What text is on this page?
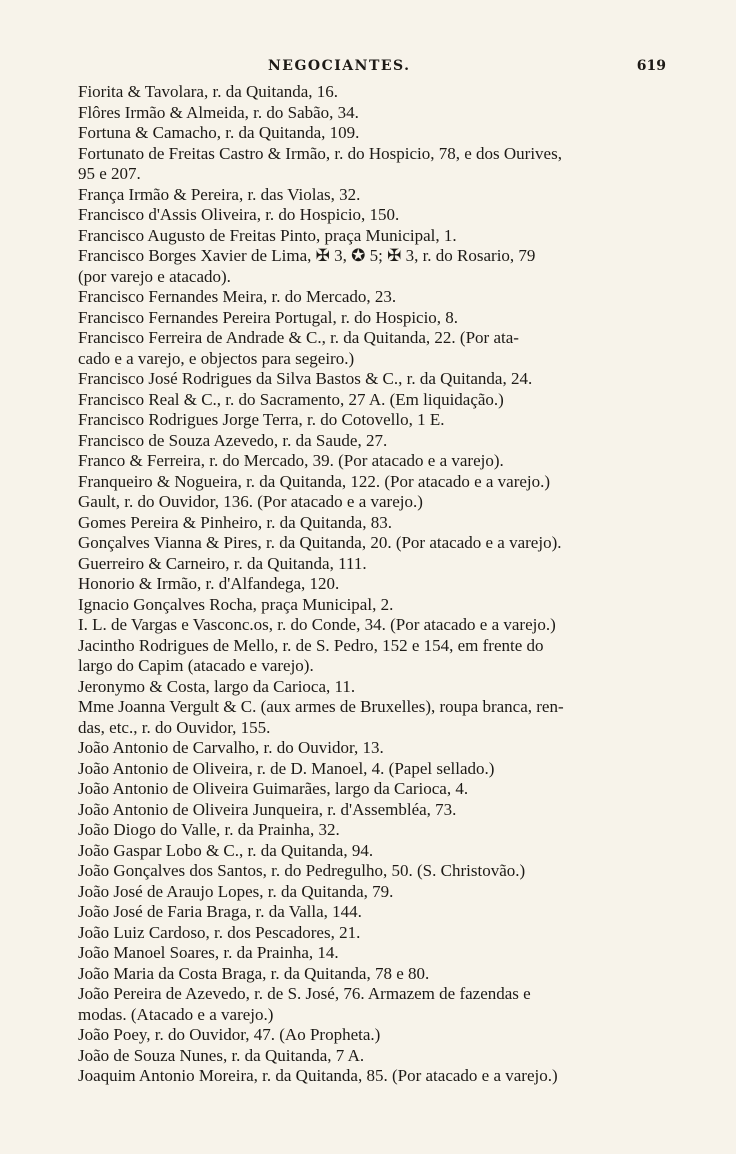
NEGOCIANTES.	619
Fiorita & Tavolara, r. da Quitanda, 16.
Flôres Irmão & Almeida, r. do Sabão, 34.
Fortuna & Camacho, r. da Quitanda, 109.
Fortunato de Freitas Castro & Irmão, r. do Hospicio, 78, e dos Ourives,
95 e 207.
França Irmão & Pereira, r. das Violas, 32.
Francisco d'Assis Oliveira, r. do Hospicio, 150.
Francisco Augusto de Freitas Pinto, praça Municipal, 1.
Francisco Borges Xavier de Lima, ✠ 3, ✪ 5; ✠ 3, r. do Rosario, 79
(por varejo e atacado).
Francisco Fernandes Meira, r. do Mercado, 23.
Francisco Fernandes Pereira Portugal, r. do Hospicio, 8.
Francisco Ferreira de Andrade & C., r. da Quitanda, 22. (Por ata-
cado e a varejo, e objectos para segeiro.)
Francisco José Rodrigues da Silva Bastos & C., r. da Quitanda, 24.
Francisco Real & C., r. do Sacramento, 27 A. (Em liquidação.)
Francisco Rodrigues Jorge Terra, r. do Cotovello, 1 E.
Francisco de Souza Azevedo, r. da Saude, 27.
Franco & Ferreira, r. do Mercado, 39. (Por atacado e a varejo).
Franqueiro & Nogueira, r. da Quitanda, 122. (Por atacado e a varejo.)
Gault, r. do Ouvidor, 136. (Por atacado e a varejo.)
Gomes Pereira & Pinheiro, r. da Quitanda, 83.
Gonçalves Vianna & Pires, r. da Quitanda, 20. (Por atacado e a varejo).
Guerreiro & Carneiro, r. da Quitanda, 111.
Honorio & Irmão, r. d'Alfandega, 120.
Ignacio Gonçalves Rocha, praça Municipal, 2.
I. L. de Vargas e Vasconc.os, r. do Conde, 34. (Por atacado e a varejo.)
Jacintho Rodrigues de Mello, r. de S. Pedro, 152 e 154, em frente do
largo do Capim (atacado e varejo).
Jeronymo & Costa, largo da Carioca, 11.
Mme Joanna Vergult & C. (aux armes de Bruxelles), roupa branca, ren-
das, etc., r. do Ouvidor, 155.
João Antonio de Carvalho, r. do Ouvidor, 13.
João Antonio de Oliveira, r. de D. Manoel, 4. (Papel sellado.)
João Antonio de Oliveira Guimarães, largo da Carioca, 4.
João Antonio de Oliveira Junqueira, r. d'Assembléa, 73.
João Diogo do Valle, r. da Prainha, 32.
João Gaspar Lobo & C., r. da Quitanda, 94.
João Gonçalves dos Santos, r. do Pedregulho, 50. (S. Christovão.)
João José de Araujo Lopes, r. da Quitanda, 79.
João José de Faria Braga, r. da Valla, 144.
João Luiz Cardoso, r. dos Pescadores, 21.
João Manoel Soares, r. da Prainha, 14.
João Maria da Costa Braga, r. da Quitanda, 78 e 80.
João Pereira de Azevedo, r. de S. José, 76. Armazem de fazendas e
modas. (Atacado e a varejo.)
João Poey, r. do Ouvidor, 47. (Ao Propheta.)
João de Souza Nunes, r. da Quitanda, 7 A.
Joaquim Antonio Moreira, r. da Quitanda, 85. (Por atacado e a varejo.)
